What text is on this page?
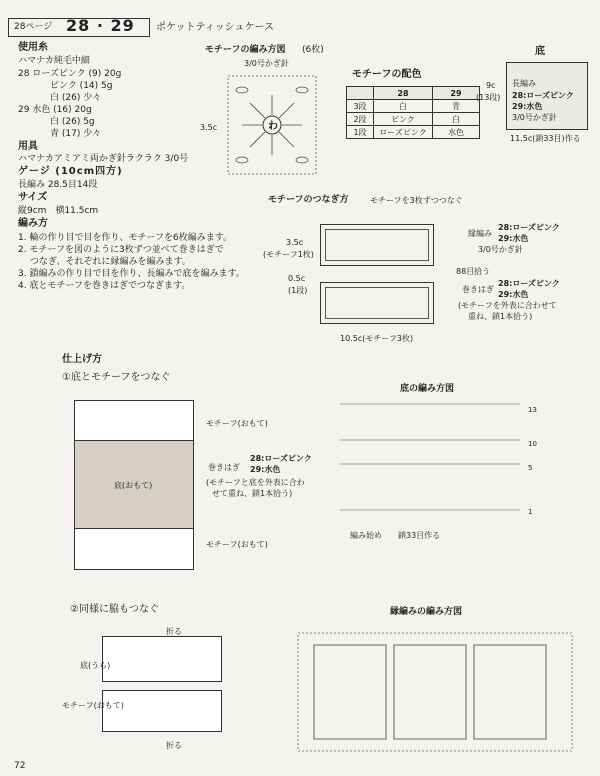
28ページ 28 · 29 ポケットティッシュケース
使用糸
ハマナカ純毛中細
28 ローズピンク (9) 20g
ピンク (14) 5g
白 (26) 少々
29 水色 (16) 20g
白 (26) 5g
青 (17) 少々
用具
ハマナカアミアミ両かぎ針ラクラク 3/0号
ゲージ (10cm四方)
長編み 28.5目14段
サイズ
縦9cm　横11.5cm
編み方
1. 輪の作り目で目を作り、モチーフを6枚編みます。
2. モチーフを図のように3枚ずつ並べて巻きはぎで
　 つなぎ、それぞれに縁編みを編みます。
3. 鎖編みの作り目で目を作り、長編みで底を編みます。
4. 底とモチーフを巻きはぎでつなぎます。
モチーフの編み方図 (6枚)
3/0号かぎ針
3.5c	わ
モチーフの配色
	28	29
3段	白	青
2段	ピンク	白
1段	ローズピンク	水色
底
9c
(13段)
長編み
28:ローズピンク
29:水色
3/0号かぎ針
11.5c(鎖33目)作る
モチーフのつなぎ方	モチーフを3枚ずつつなぐ
3.5c
(モチーフ1枚)
0.5c
(1段)
10.5c(モチーフ3枚)
縁編み
28:ローズピンク
29:水色
3/0号かぎ針
88目拾う
巻きはぎ
28:ローズピンク
29:水色
(モチーフを外表に合わせて
重ね、鎖1本拾う)
仕上げ方
①底とモチーフをつなぐ
モチーフ(おもて)
底(おもて)
巻きはぎ
28:ローズピンク
29:水色
(モチーフと底を外表に合わ
せて重ね、鎖1本拾う)
モチーフ(おもて)
②同様に脇もつなぐ
折る
折る
底(うら)
モチーフ(おもて)
底の編み方図
13
10
5
1
編み始め 鎖33目作る
縁編みの編み方図
72
